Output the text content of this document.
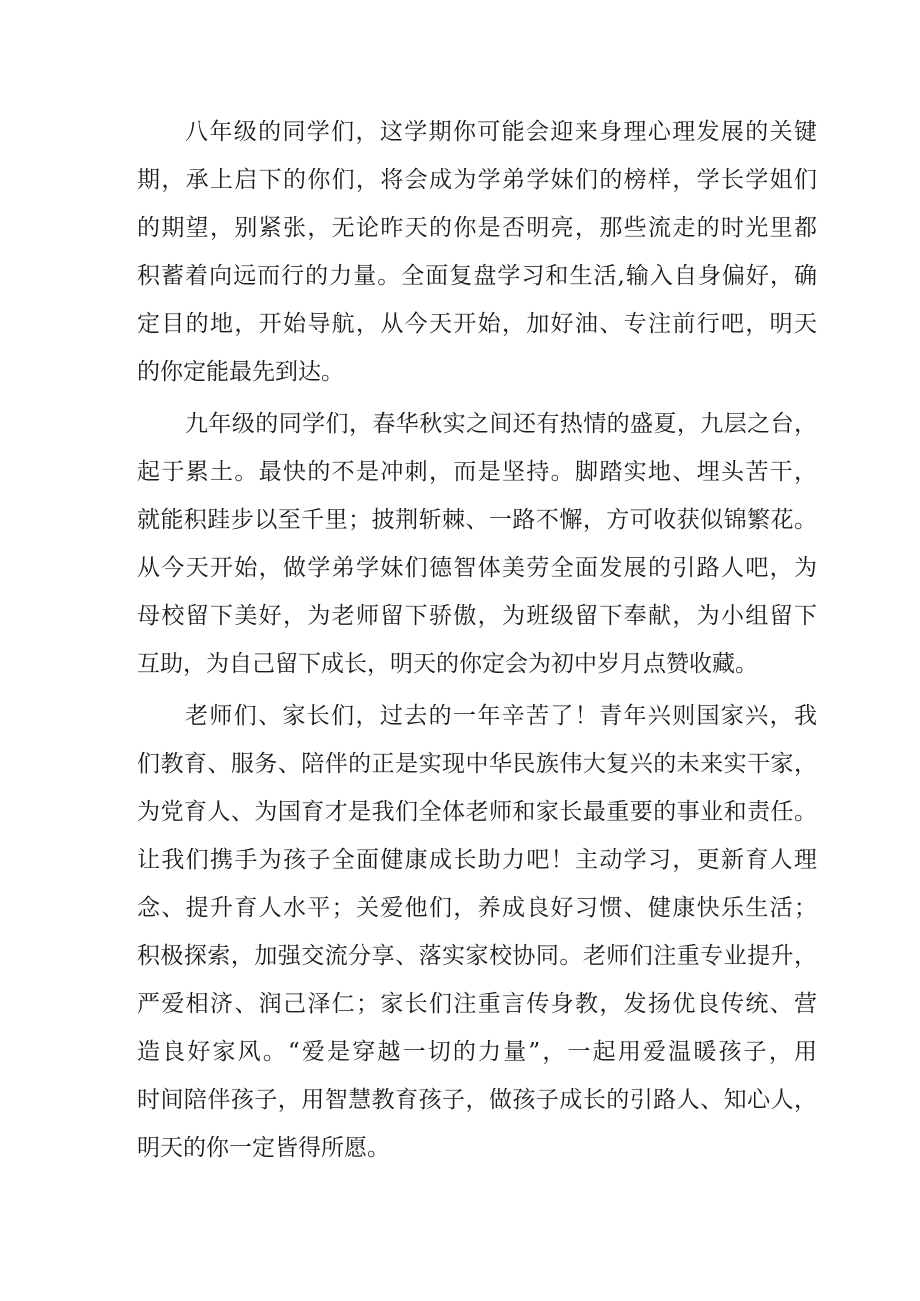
八年级的同学们，这学期你可能会迎来身理心理发展的关键
期，承上启下的你们，将会成为学弟学妹们的榜样，学长学姐们
的期望，别紧张，无论昨天的你是否明亮，那些流走的时光里都
积蓄着向远而行的力量。全面复盘学习和生活,输入自身偏好，确
定目的地，开始导航，从今天开始，加好油、专注前行吧，明天
的你定能最先到达。
九年级的同学们，春华秋实之间还有热情的盛夏，九层之台，
起于累土。最快的不是冲刺，而是坚持。脚踏实地、埋头苦干，
就能积跬步以至千里；披荆斩棘、一路不懈，方可收获似锦繁花。
从今天开始，做学弟学妹们德智体美劳全面发展的引路人吧，为
母校留下美好，为老师留下骄傲，为班级留下奉献，为小组留下
互助，为自己留下成长，明天的你定会为初中岁月点赞收藏。
老师们、家长们，过去的一年辛苦了！青年兴则国家兴，我
们教育、服务、陪伴的正是实现中华民族伟大复兴的未来实干家，
为党育人、为国育才是我们全体老师和家长最重要的事业和责任。
让我们携手为孩子全面健康成长助力吧！主动学习，更新育人理
念、提升育人水平；关爱他们，养成良好习惯、健康快乐生活；
积极探索，加强交流分享、落实家校协同。老师们注重专业提升，
严爱相济、润己泽仁；家长们注重言传身教，发扬优良传统、营
造良好家风。“爱是穿越一切的力量”，一起用爱温暖孩子，用
时间陪伴孩子，用智慧教育孩子，做孩子成长的引路人、知心人，
明天的你一定皆得所愿。
